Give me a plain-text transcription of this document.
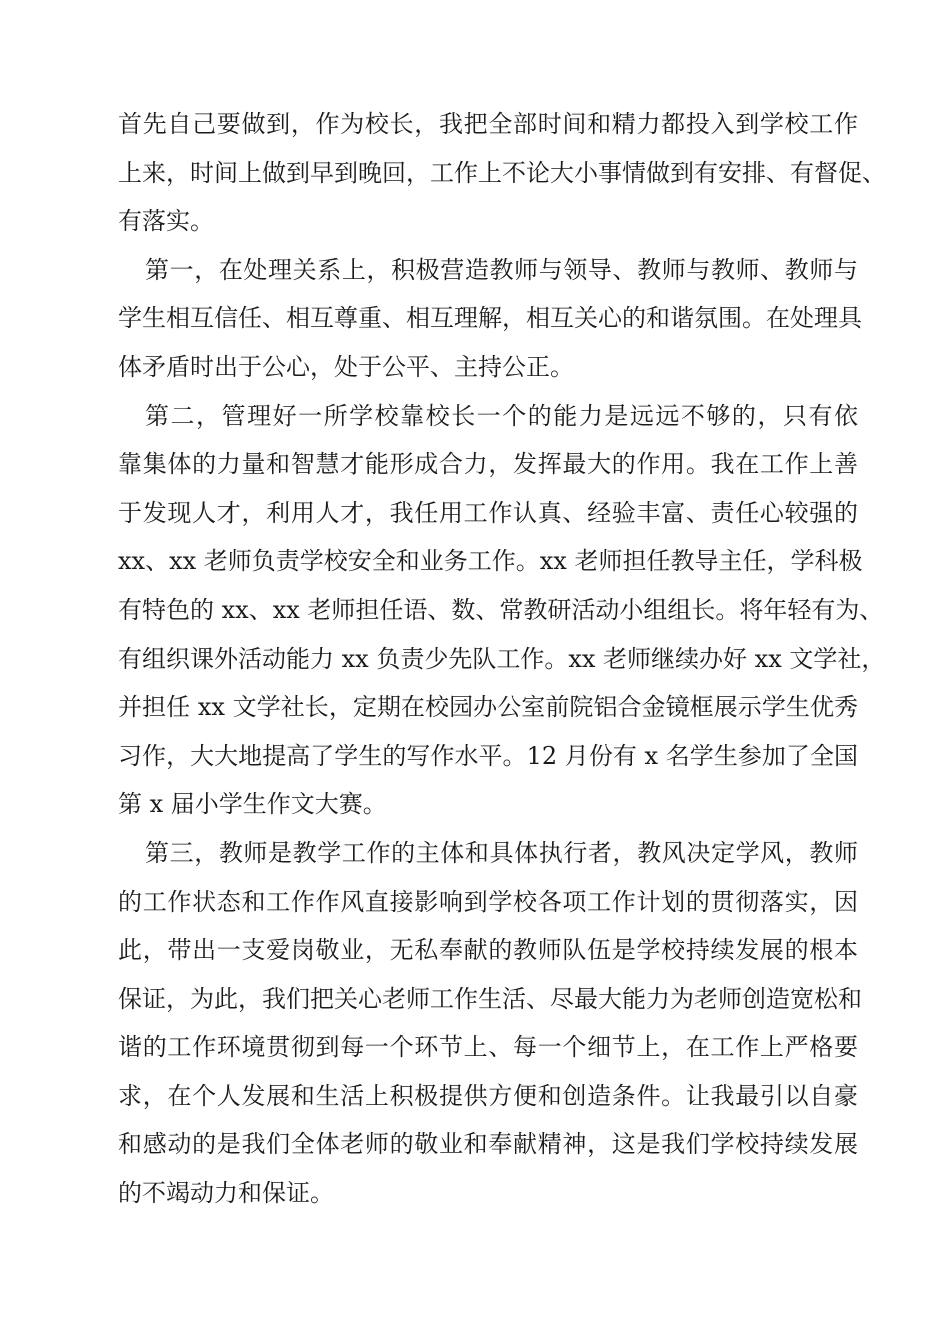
首先自己要做到，作为校长，我把全部时间和精力都投入到学校工作
上来，时间上做到早到晚回，工作上不论大小事情做到有安排、有督促、
有落实。
第一，在处理关系上，积极营造教师与领导、教师与教师、教师与
学生相互信任、相互尊重、相互理解，相互关心的和谐氛围。在处理具
体矛盾时出于公心，处于公平、主持公正。
第二，管理好一所学校靠校长一个的能力是远远不够的，只有依
靠集体的力量和智慧才能形成合力，发挥最大的作用。我在工作上善
于发现人才，利用人才，我任用工作认真、经验丰富、责任心较强的
xx、xx 老师负责学校安全和业务工作。xx 老师担任教导主任，学科极
有特色的 xx、xx 老师担任语、数、常教研活动小组组长。将年轻有为、
有组织课外活动能力 xx 负责少先队工作。xx 老师继续办好 xx 文学社，
并担任 xx 文学社长，定期在校园办公室前院铝合金镜框展示学生优秀
习作，大大地提高了学生的写作水平。12 月份有 x 名学生参加了全国
第 x 届小学生作文大赛。
第三，教师是教学工作的主体和具体执行者，教风决定学风，教师
的工作状态和工作作风直接影响到学校各项工作计划的贯彻落实，因
此，带出一支爱岗敬业，无私奉献的教师队伍是学校持续发展的根本
保证，为此，我们把关心老师工作生活、尽最大能力为老师创造宽松和
谐的工作环境贯彻到每一个环节上、每一个细节上，在工作上严格要
求，在个人发展和生活上积极提供方便和创造条件。让我最引以自豪
和感动的是我们全体老师的敬业和奉献精神，这是我们学校持续发展
的不竭动力和保证。
